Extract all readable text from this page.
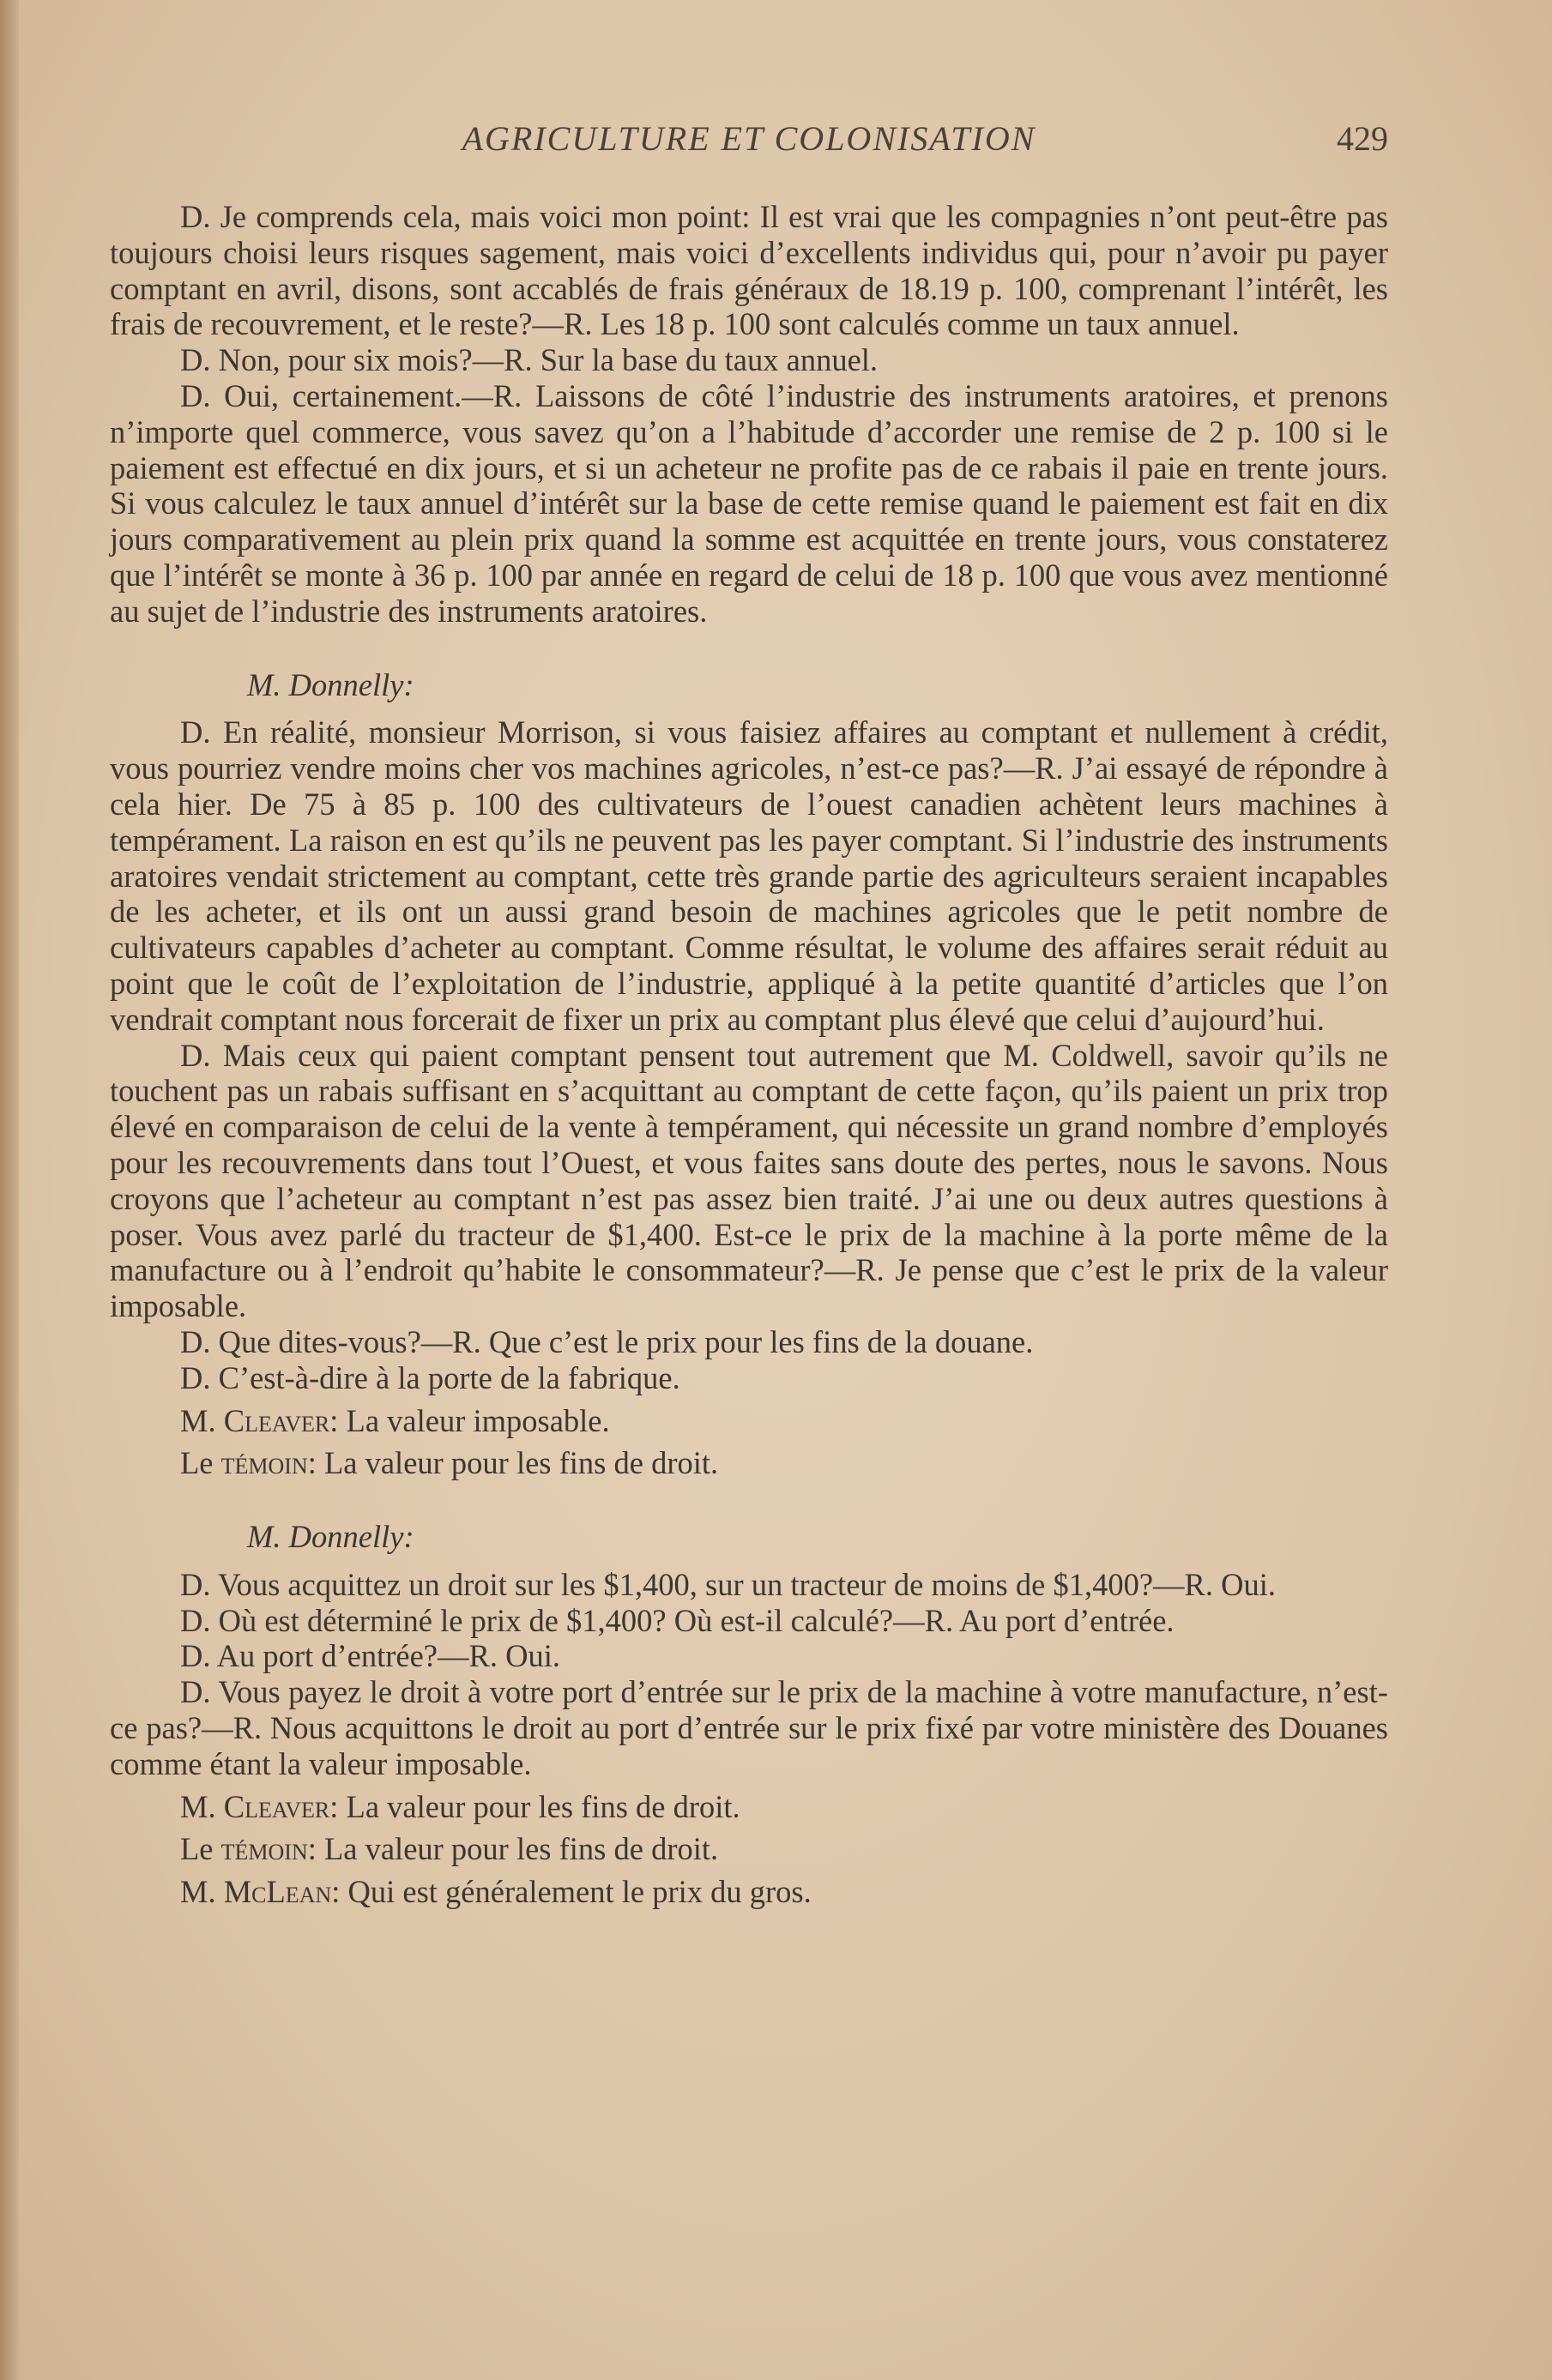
AGRICULTURE ET COLONISATION	429

D. Je comprends cela, mais voici mon point: Il est vrai que les compagnies n’ont peut-être pas toujours choisi leurs risques sagement, mais voici d’excellents individus qui, pour n’avoir pu payer comptant en avril, disons, sont accablés de frais généraux de 18.19 p. 100, comprenant l’intérêt, les frais de recouvrement, et le reste?—R. Les 18 p. 100 sont calculés comme un taux annuel.

D. Non, pour six mois?—R. Sur la base du taux annuel.

D. Oui, certainement.—R. Laissons de côté l’industrie des instruments aratoires, et prenons n’importe quel commerce, vous savez qu’on a l’habitude d’accorder une remise de 2 p. 100 si le paiement est effectué en dix jours, et si un acheteur ne profite pas de ce rabais il paie en trente jours. Si vous calculez le taux annuel d’intérêt sur la base de cette remise quand le paiement est fait en dix jours comparativement au plein prix quand la somme est acquittée en trente jours, vous constaterez que l’intérêt se monte à 36 p. 100 par année en regard de celui de 18 p. 100 que vous avez mentionné au sujet de l’industrie des instruments aratoires.

M. Donnelly:

D. En réalité, monsieur Morrison, si vous faisiez affaires au comptant et nullement à crédit, vous pourriez vendre moins cher vos machines agricoles, n’est-ce pas?—R. J’ai essayé de répondre à cela hier. De 75 à 85 p. 100 des cultivateurs de l’ouest canadien achètent leurs machines à tempérament. La raison en est qu’ils ne peuvent pas les payer comptant. Si l’industrie des instruments aratoires vendait strictement au comptant, cette très grande partie des agriculteurs seraient incapables de les acheter, et ils ont un aussi grand besoin de machines agricoles que le petit nombre de cultivateurs capables d’acheter au comptant. Comme résultat, le volume des affaires serait réduit au point que le coût de l’exploitation de l’industrie, appliqué à la petite quantité d’articles que l’on vendrait comptant nous forcerait de fixer un prix au comptant plus élevé que celui d’aujourd’hui.

D. Mais ceux qui paient comptant pensent tout autrement que M. Coldwell, savoir qu’ils ne touchent pas un rabais suffisant en s’acquittant au comptant de cette façon, qu’ils paient un prix trop élevé en comparaison de celui de la vente à tempérament, qui nécessite un grand nombre d’employés pour les recouvrements dans tout l’Ouest, et vous faites sans doute des pertes, nous le savons. Nous croyons que l’acheteur au comptant n’est pas assez bien traité. J’ai une ou deux autres questions à poser. Vous avez parlé du tracteur de $1,400. Est-ce le prix de la machine à la porte même de la manufacture ou à l’endroit qu’habite le consommateur?—R. Je pense que c’est le prix de la valeur imposable.

D. Que dites-vous?—R. Que c’est le prix pour les fins de la douane.

D. C’est-à-dire à la porte de la fabrique.

M. Cleaver: La valeur imposable.

Le témoin: La valeur pour les fins de droit.

M. Donnelly:

D. Vous acquittez un droit sur les $1,400, sur un tracteur de moins de $1,400?—R. Oui.

D. Où est déterminé le prix de $1,400? Où est-il calculé?—R. Au port d’entrée.

D. Au port d’entrée?—R. Oui.

D. Vous payez le droit à votre port d’entrée sur le prix de la machine à votre manufacture, n’est-ce pas?—R. Nous acquittons le droit au port d’entrée sur le prix fixé par votre ministère des Douanes comme étant la valeur imposable.

M. Cleaver: La valeur pour les fins de droit.

Le témoin: La valeur pour les fins de droit.

M. McLean: Qui est généralement le prix du gros.
